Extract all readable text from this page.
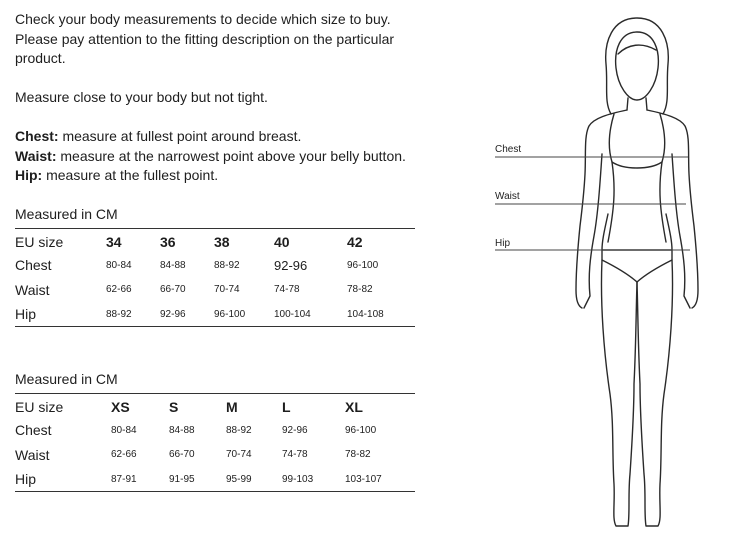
Check your body measurements to decide which size to buy.

Please pay attention to the fitting description on the particular

product.

Measure close to your body but not tight.

Chest: measure at fullest point around breast.

Waist: measure at the narrowest point above your belly button.

Hip: measure at the fullest point.

Measured in CM
EU size	34	36	38	40	42
Chest	80-84	84-88	88-92	92-96	96-100
Waist	62-66	66-70	70-74	74-78	78-82
Hip	88-92	92-96	96-100	100-104	104-108
Measured in CM
EU size	XS	S	M	L	XL
Chest	80-84	84-88	88-92	92-96	96-100
Waist	62-66	66-70	70-74	74-78	78-82
Hip	87-91	91-95	95-99	99-103	103-107
Chest
Waist
Hip
